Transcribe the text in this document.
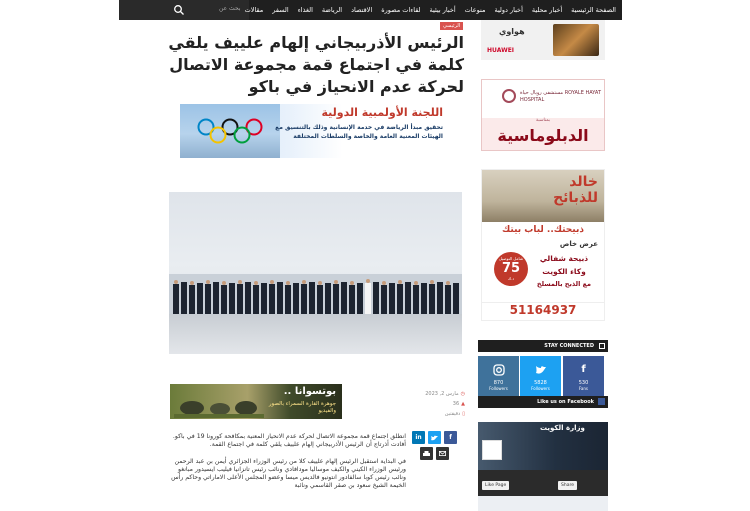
بحث عن	الصفحة الرئيسية
أخبار محلية
أخبار دولية
منوعات
أخبار بيئية
لقاءات مصورة
الاقتصاد
الرياضة
الغذاء
السفر
مقالات
الرئيسي
الرئيس الأذربيجاني إلهام علييف يلقي كلمة في اجتماع قمة مجموعة الاتصال لحركة عدم الانحياز في باكو
اللجنة الأولمبية الدولية
تحقيق مبدأ الرياضة في خدمة الإنسانية وذلك بالتنسيق مع الهيئات المعنية العامة والخاصة والسلطات المختلفة
بوتسوانا ..
جوهرة القارة السمراء بالصور والفيديو
◷مارس 2, 2023
▲36
▯دقيقتين
f
in

انطلق اجتماع قمة مجموعة الاتصال لحركة عدم الانحياز المعنية بمكافحة كورونا 19 في باكو.
أفادت أذرتاج أن الرئيس الأذربيجاني إلهام علييف يلقي كلمة في اجتماع القمة.

في البداية استقبل الرئيس إلهام علييف كلا من رئيس الوزراء الجزائري أيمن بن عبد الرحمن ورئيس الوزراء الكيني والكيف موساليا مودافادي ونائب رئيس تانزانيا فيليب ايسيدور مبانغو ونائب رئيس كوبا سالفادور انتونيو فالديس ميسا وعضو المجلس الأعلى الاماراتي وحاكم رأس الخيمة الشيخ سعود بن صقر القاسمي ونائبة

هواوي
HUAWEI
مستشفى رويال حياة ROYALE HAYAT HOSPITAL
بمناسبة
الدبلوماسية
خالد
للذبائح
ذبيحتك.. لباب بيتك
عرض خاص
شامل التوصيل
75
د.ك
ذبيحة شفالي
وكاء الكويت
مع الذبح بالمسلخ
51164937
STAY CONNECTED
f
530
Fans
5828
Followers
870
Followers
Like us on Facebook
وزارة الكويت
Like Page	Share
